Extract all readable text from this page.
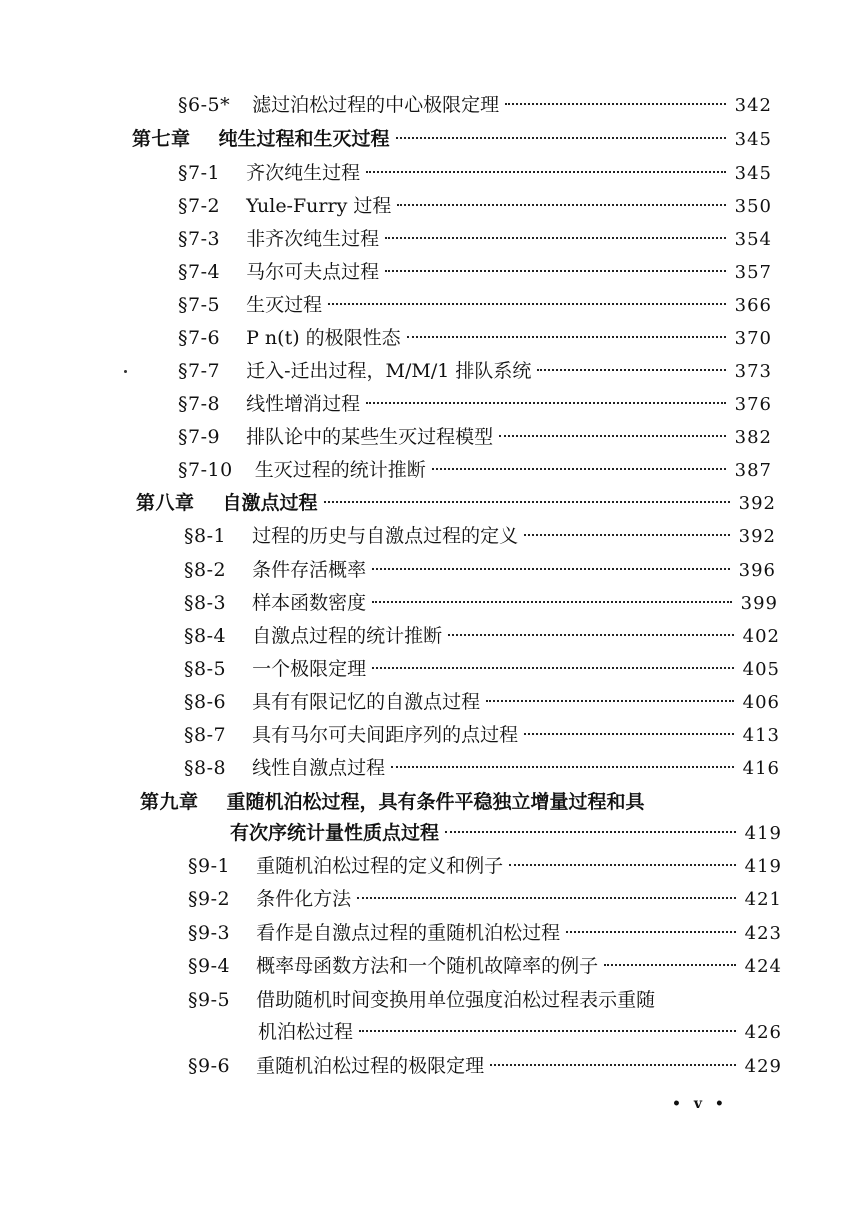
§6-5* 滤过泊松过程的中心极限定理	342
第七章 纯生过程和生灭过程	345
§7-1 齐次纯生过程	345
§7-2 Yule-Furry 过程	350
§7-3 非齐次纯生过程	354
§7-4 马尔可夫点过程	357
§7-5 生灭过程	366
§7-6 P n(t) 的极限性态	370
§7-7 迁入-迁出过程，M/M/1 排队系统	373
§7-8 线性增消过程	376
§7-9 排队论中的某些生灭过程模型	382
§7-10 生灭过程的统计推断	387
第八章 自激点过程	392
§8-1 过程的历史与自激点过程的定义	392
§8-2 条件存活概率	396
§8-3 样本函数密度	399
§8-4 自激点过程的统计推断	402
§8-5 一个极限定理	405
§8-6 具有有限记忆的自激点过程	406
§8-7 具有马尔可夫间距序列的点过程	413
§8-8 线性自激点过程	416
第九章 重随机泊松过程，具有条件平稳独立增量过程和具
有次序统计量性质点过程	419
§9-1 重随机泊松过程的定义和例子	419
§9-2 条件化方法	421
§9-3 看作是自激点过程的重随机泊松过程	423
§9-4 概率母函数方法和一个随机故障率的例子	424
§9-5 借助随机时间变换用单位强度泊松过程表示重随
机泊松过程	426
§9-6 重随机泊松过程的极限定理	429
• v •
